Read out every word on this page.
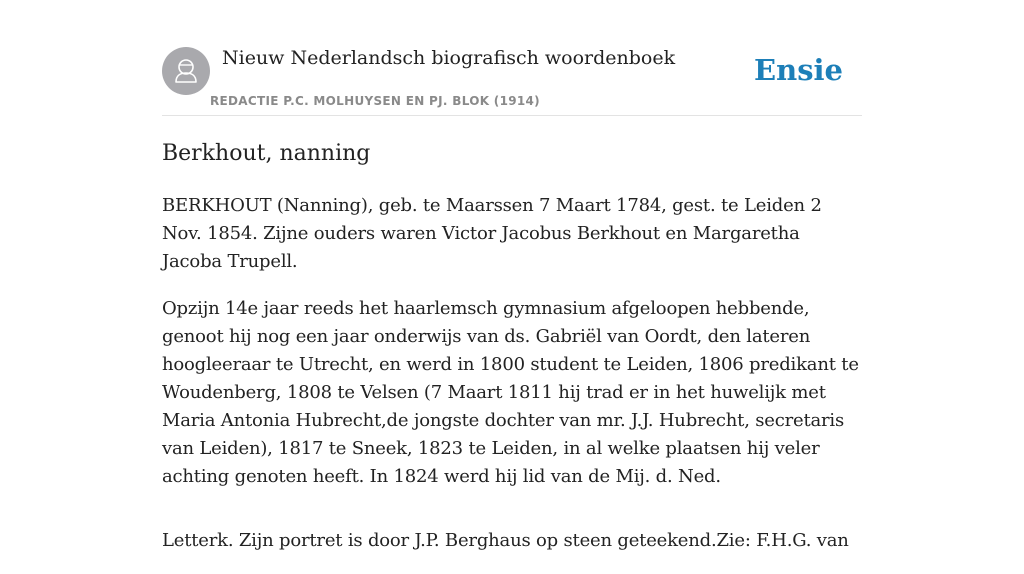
Nieuw Nederlandsch biografisch woordenboek
REDACTIE P.C. MOLHUYSEN EN PJ. BLOK (1914)
Ensie
Berkhout, nanning

BERKHOUT (Nanning), geb. te Maarssen 7 Maart 1784, gest. te Leiden 2 Nov. 1854. Zijne ouders waren Victor Jacobus Berkhout en Margaretha Jacoba Trupell.

Opzijn 14e jaar reeds het haarlemsch gymnasium afgeloopen hebbende, genoot hij nog een jaar onderwijs van ds. Gabriël van Oordt, den lateren hoogleeraar te Utrecht, en werd in 1800 student te Leiden, 1806 predikant te Woudenberg, 1808 te Velsen (7 Maart 1811 hij trad er in het huwelijk met Maria Antonia Hubrecht,de jongste dochter van mr. J.J. Hubrecht, secretaris van Leiden), 1817 te Sneek, 1823 te Leiden, in al welke plaatsen hij veler achting genoten heeft. In 1824 werd hij lid van de Mij. d. Ned.

Letterk. Zijn portret is door J.P. Berghaus op steen geteekend.Zie: F.H.G. van
